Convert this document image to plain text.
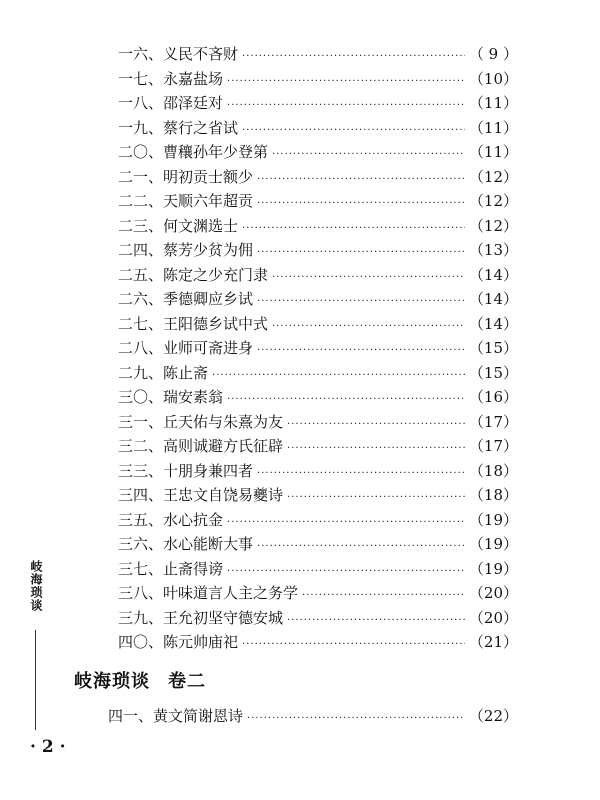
一六、 义民不吝财 ·····	（ 9 ）
一七、 永嘉盐场 ·····	（10）
一八、 邵泽廷对 ·····	（11）
一九、 蔡行之省试 ·····	（11）
二〇、 曹穰孙年少登第 ·····	（11）
二一、 明初贡士额少 ·····	（12）
二二、 天顺六年超贡 ·····	（12）
二三、 何文渊选士 ·····	（12）
二四、 蔡芳少贫为佣 ·····	（13）
二五、 陈定之少充门隶 ·····	（14）
二六、 季德卿应乡试 ·····	（14）
二七、 王阳德乡试中式 ·····	（14）
二八、 业师可斋进身 ·····	（15）
二九、 陈止斋 ·····	（15）
三〇、 瑞安素翁 ·····	（16）
三一、 丘天佑与朱熹为友 ·····	（17）
三二、 高则诚避方氏征辟 ·····	（17）
三三、 十朋身兼四者 ·····	（18）
三四、 王忠文自饶易夔诗 ·····	（18）
三五、 水心抗金 ·····	（19）
三六、 水心能断大事 ·····	（19）
三七、 止斋得谤 ·····	（19）
三八、 叶味道言人主之务学 ·····	（20）
三九、 王允初坚守德安城 ·····	（20）
四〇、 陈元帅庙祀 ·····	（21）
岐海琐谈 卷二
四一、 黄文简谢恩诗 ·····	（22）
岐海琐谈
· 2 ·
